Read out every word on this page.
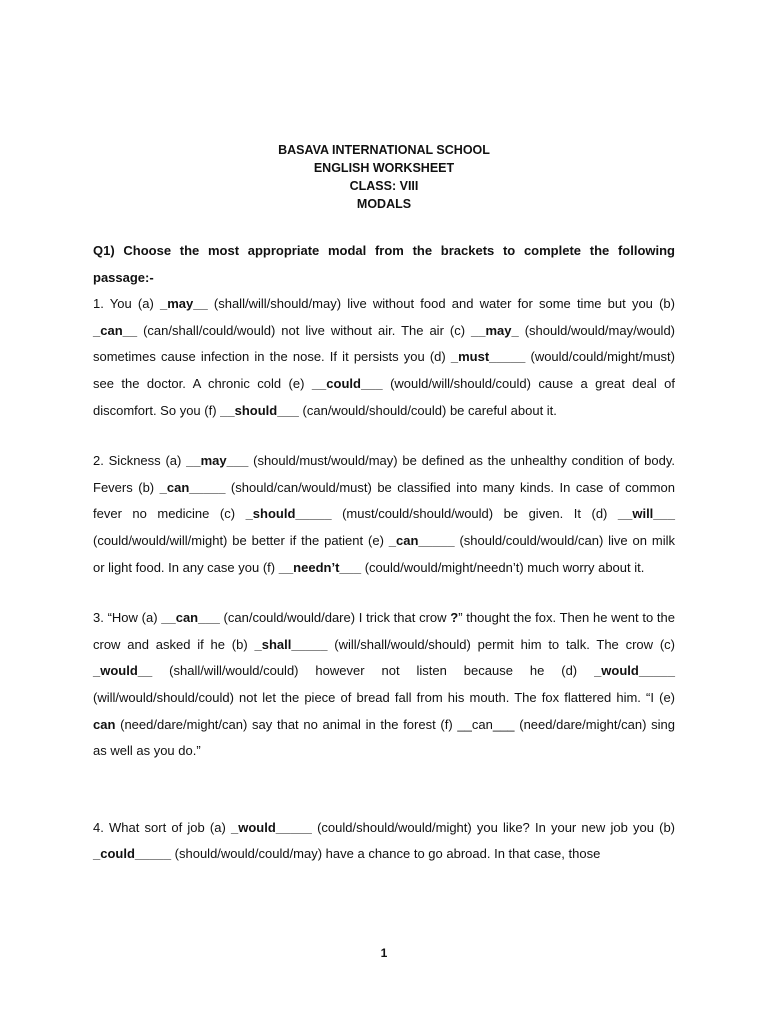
BASAVA INTERNATIONAL SCHOOL
ENGLISH WORKSHEET
CLASS: VIII
MODALS

Q1) Choose the most appropriate modal from the brackets to complete the following passage:-

1. You (a) _may__ (shall/will/should/may) live without food and water for some time but you (b) _can__ (can/shall/could/would) not live without air. The air (c) __may_ (should/would/may/would) sometimes cause infection in the nose. If it persists you (d) _must_____ (would/could/might/must) see the doctor. A chronic cold (e) __could___ (would/will/should/could) cause a great deal of discomfort. So you (f) __should___ (can/would/should/could) be careful about it.

2. Sickness (a) __may___ (should/must/would/may) be defined as the unhealthy condition of body. Fevers (b) _can_____ (should/can/would/must) be classified into many kinds. In case of common fever no medicine (c) _should_____ (must/could/should/would) be given. It (d) __will___ (could/would/will/might) be better if the patient (e) _can_____ (should/could/would/can) live on milk or light food. In any case you (f) __needn’t___ (could/would/might/needn’t) much worry about it.

3. “How (a) __can___ (can/could/would/dare) I trick that crow ?” thought the fox. Then he went to the crow and asked if he (b) _shall_____ (will/shall/would/should) permit him to talk. The crow (c) _would__ (shall/will/would/could) however not listen because he (d) _would_____ (will/would/should/could) not let the piece of bread fall from his mouth. The fox flattered him. “I (e) can (need/dare/might/can) say that no animal in the forest (f) __can___ (need/dare/might/can) sing as well as you do.”

4. What sort of job (a) _would_____ (could/should/would/might) you like? In your new job you (b) _could_____ (should/would/could/may) have a chance to go abroad. In that case, those

1
